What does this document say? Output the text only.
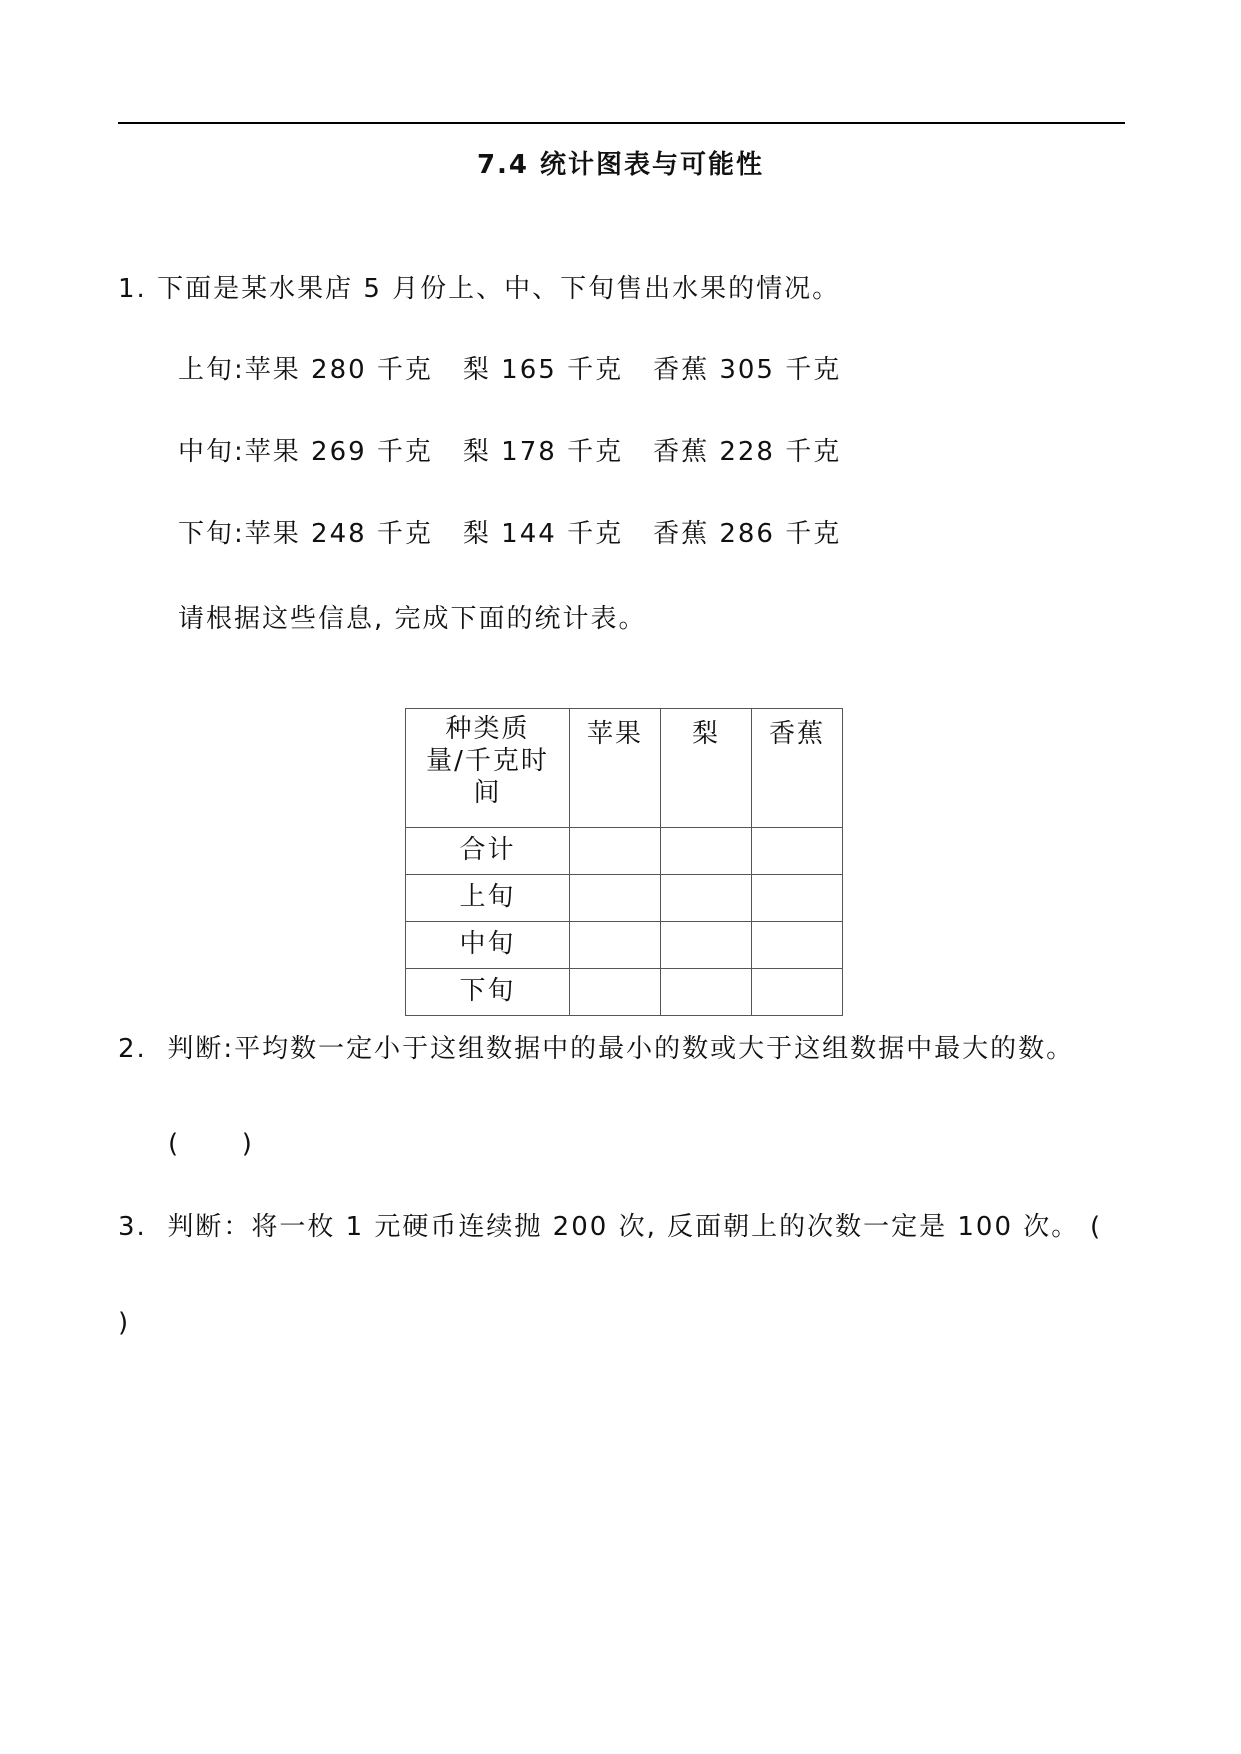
7.4 统计图表与可能性
1. 下面是某水果店 5 月份上、中、下旬售出水果的情况。
上旬:苹果 280 千克 梨 165 千克 香蕉 305 千克
中旬:苹果 269 千克 梨 178 千克 香蕉 228 千克
下旬:苹果 248 千克 梨 144 千克 香蕉 286 千克
请根据这些信息, 完成下面的统计表。
种类质
量/千克时
间	苹果	梨	香蕉
合计			
上旬			
中旬			
下旬			
2.  判断:平均数一定小于这组数据中的最小的数或大于这组数据中最大的数。
(      )
3.  判断：将一枚 1 元硬币连续抛 200 次, 反面朝上的次数一定是 100 次。 (
)
